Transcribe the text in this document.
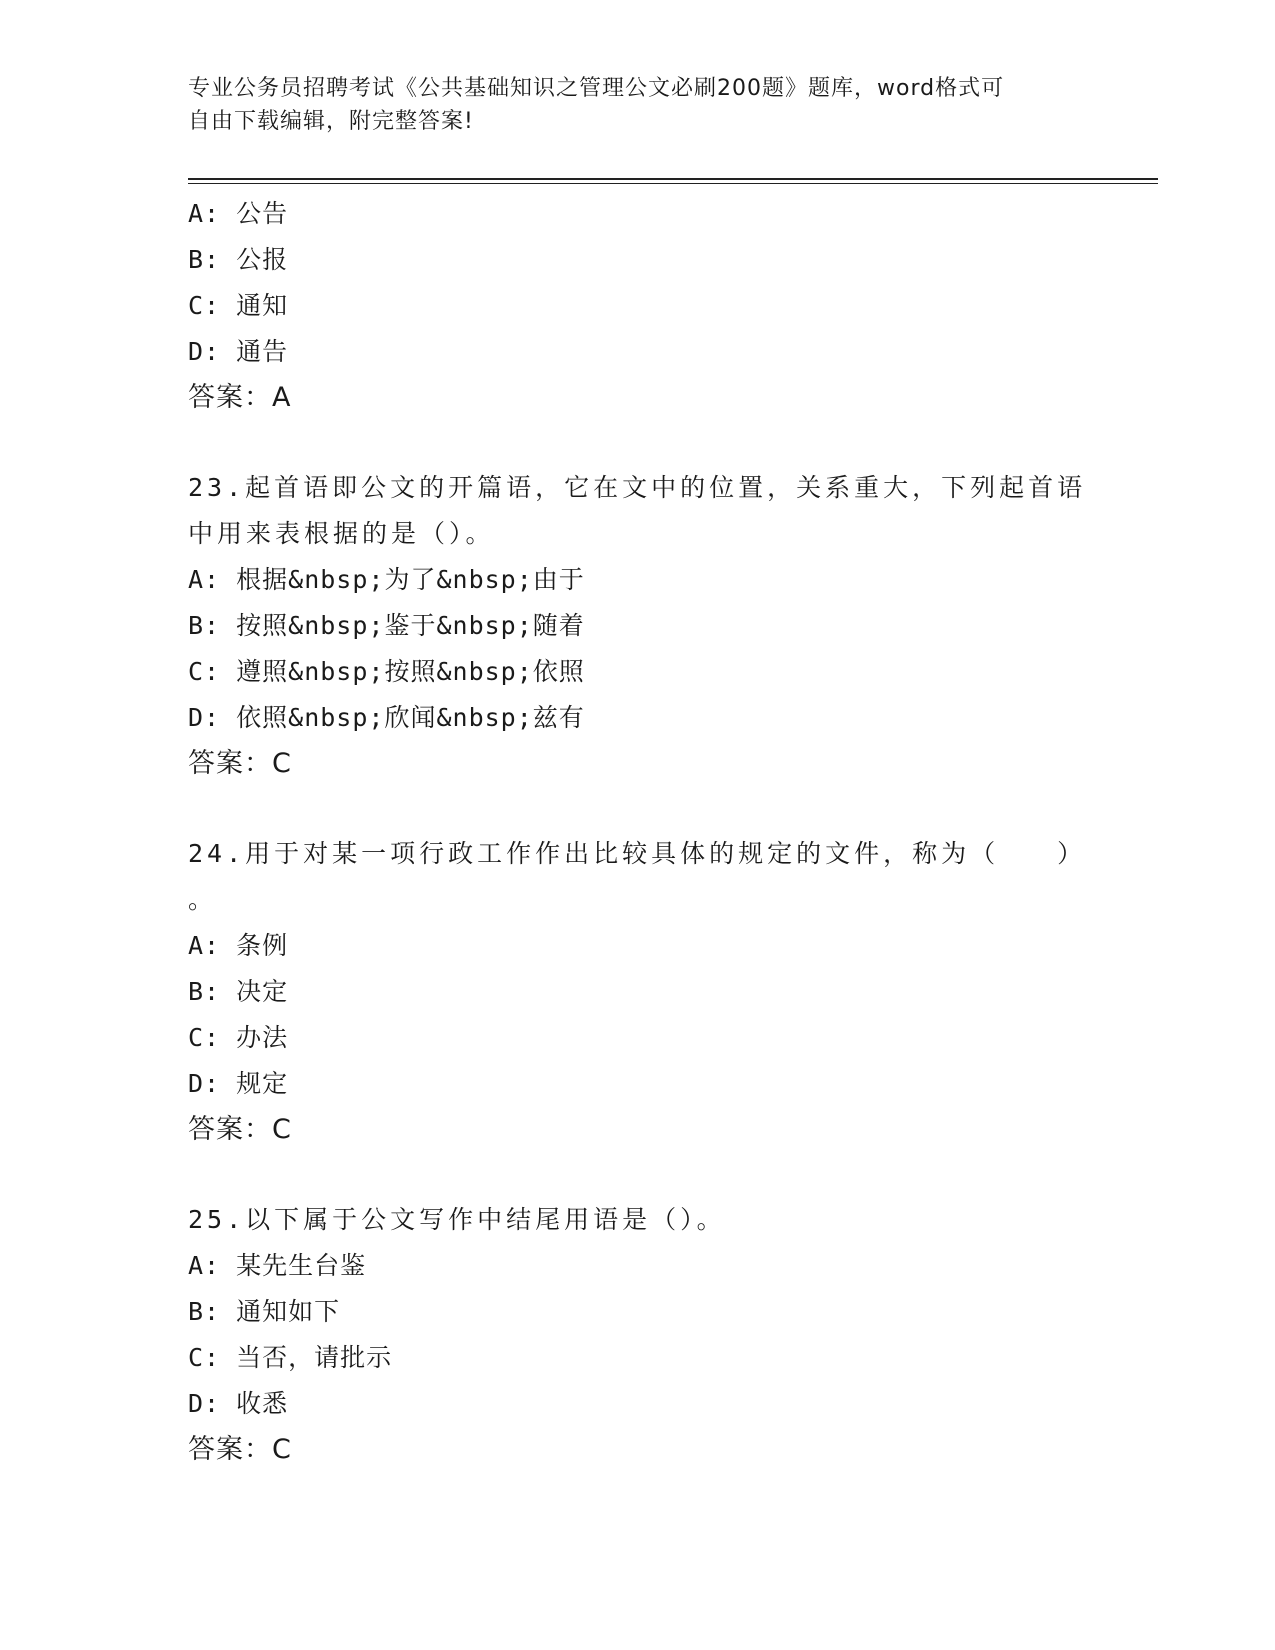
专业公务员招聘考试《公共基础知识之管理公文必刷200题》题库，word格式可
自由下载编辑，附完整答案!
A: 公告
B: 公报
C: 通知
D: 通告
答案：A
23.起首语即公文的开篇语，它在文中的位置，关系重大，下列起首语
中用来表根据的是（）。
A: 根据&nbsp;为了&nbsp;由于
B: 按照&nbsp;鉴于&nbsp;随着
C: 遵照&nbsp;按照&nbsp;依照
D: 依照&nbsp;欣闻&nbsp;兹有
答案：C
24.用于对某一项行政工作作出比较具体的规定的文件，称为（　　）
。
A: 条例
B: 决定
C: 办法
D: 规定
答案：C
25.以下属于公文写作中结尾用语是（）。
A: 某先生台鉴
B: 通知如下
C: 当否，请批示
D: 收悉
答案：C
